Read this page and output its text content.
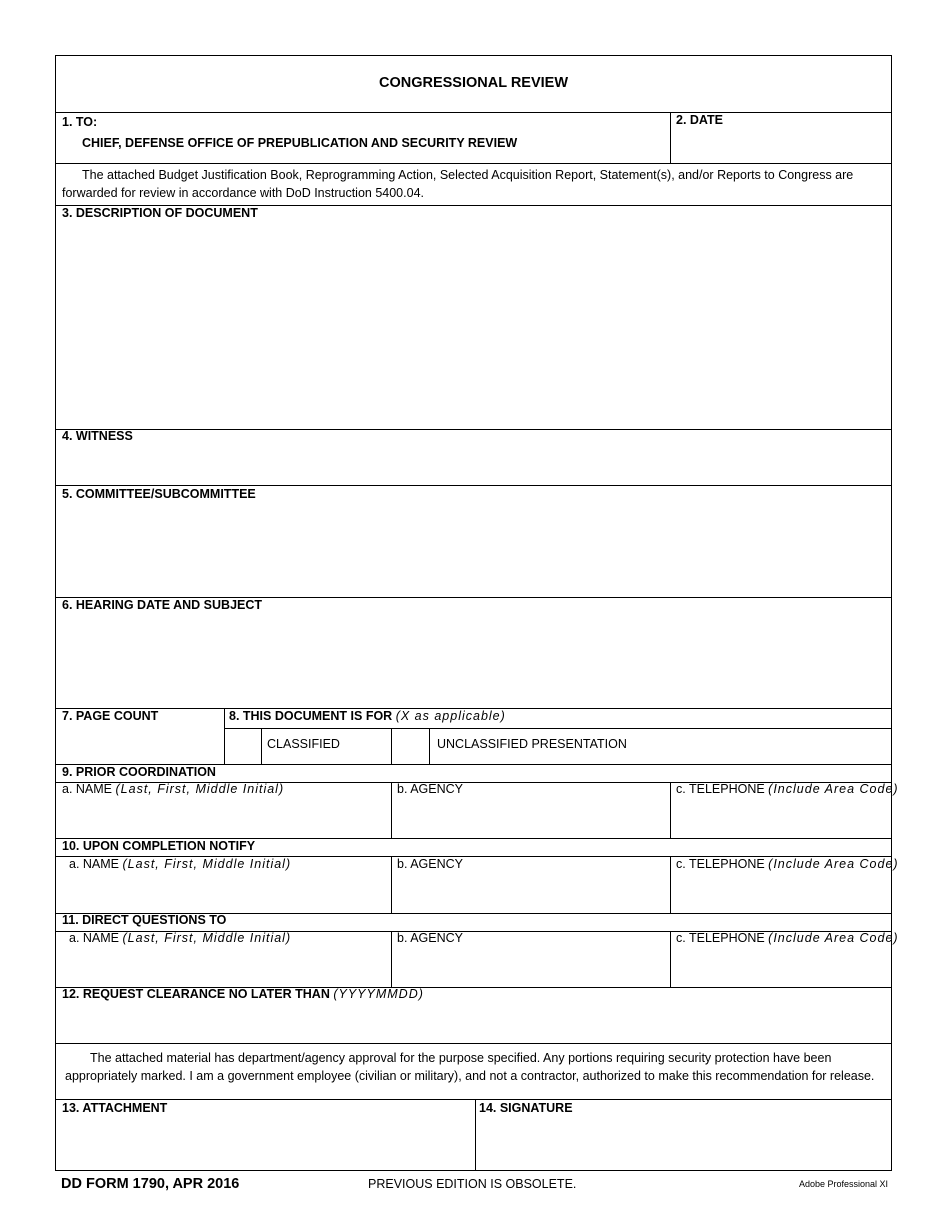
CONGRESSIONAL REVIEW
1. TO:
CHIEF, DEFENSE OFFICE OF PREPUBLICATION AND SECURITY REVIEW
2. DATE
The attached Budget Justification Book, Reprogramming Action, Selected Acquisition Report, Statement(s), and/or Reports to Congress are forwarded for review in accordance with DoD Instruction 5400.04.
3. DESCRIPTION OF DOCUMENT
4. WITNESS
5. COMMITTEE/SUBCOMMITTEE
6. HEARING DATE AND SUBJECT
7. PAGE COUNT	8. THIS DOCUMENT IS FOR (X as applicable)
CLASSIFIED	UNCLASSIFIED PRESENTATION
9. PRIOR COORDINATION
a. NAME (Last, First, Middle Initial)	b. AGENCY	c. TELEPHONE (Include Area Code)
10. UPON COMPLETION NOTIFY
a. NAME (Last, First, Middle Initial)	b. AGENCY	c. TELEPHONE (Include Area Code)
11. DIRECT QUESTIONS TO
a. NAME (Last, First, Middle Initial)	b. AGENCY	c. TELEPHONE (Include Area Code)
12. REQUEST CLEARANCE NO LATER THAN (YYYYMMDD)
The attached material has department/agency approval for the purpose specified. Any portions requiring security protection have been appropriately marked. I am a government employee (civilian or military), and not a contractor, authorized to make this recommendation for release.
13. ATTACHMENT	14. SIGNATURE
DD FORM 1790, APR 2016	PREVIOUS EDITION IS OBSOLETE.	Adobe Professional XI
